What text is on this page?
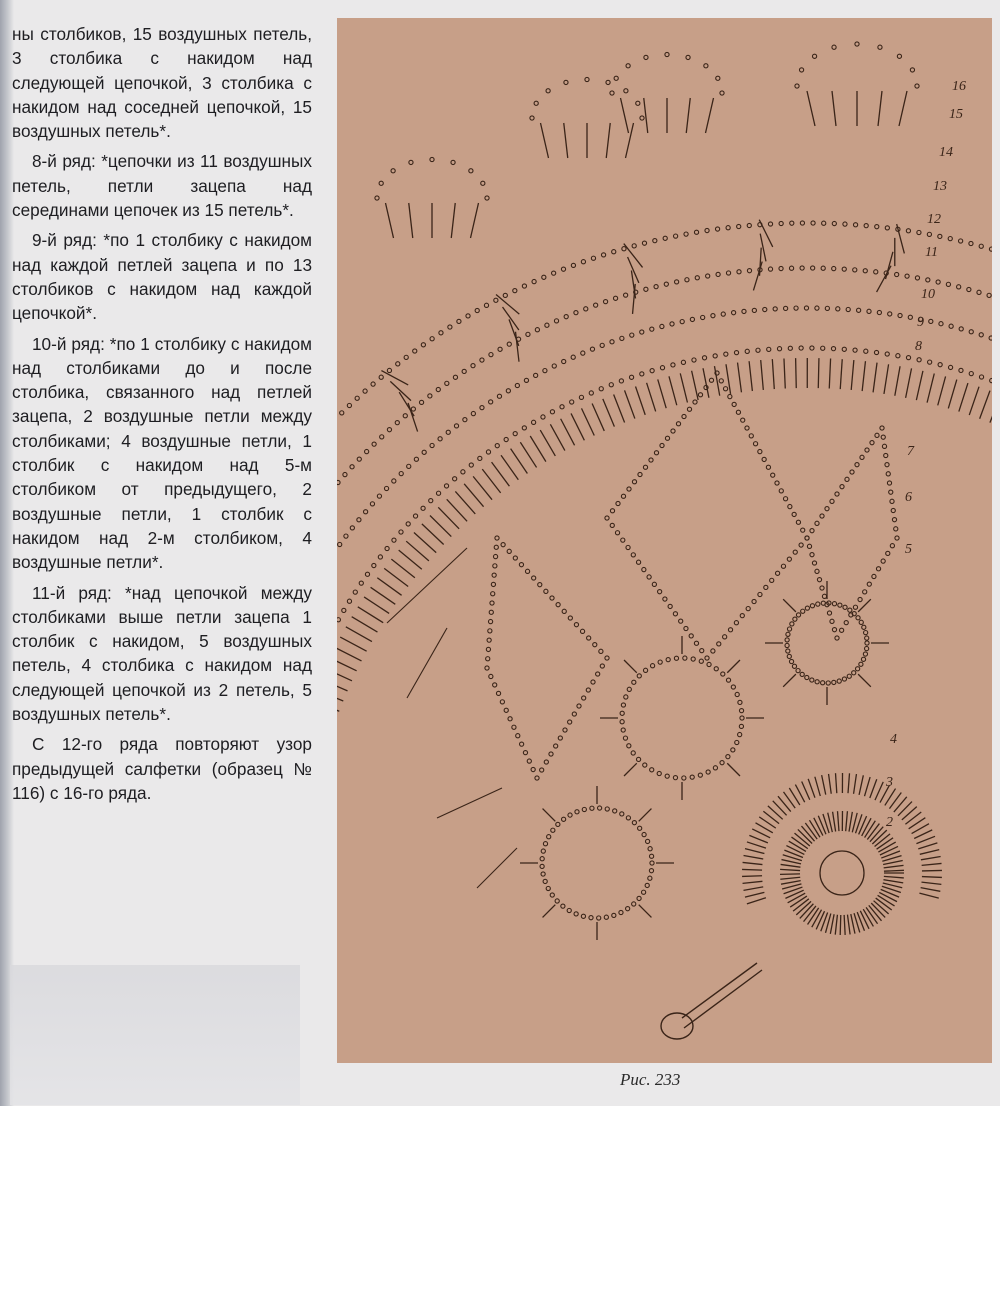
ны столбиков, 15 воздушных петель, 3 столбика с накидом над следующей цепочкой, 3 столбика с накидом над соседней цепочкой, 15 воздушных петель*.

8-й ряд: *цепочки из 11 воздушных петель, петли зацепа над серединами цепочек из 15 петель*.

9-й ряд: *по 1 столбику с накидом над каждой петлей зацепа и по 13 столбиков с накидом над каждой цепочкой*.

10-й ряд: *по 1 столбику с накидом над столбиками до и после столбика, связанного над петлей зацепа, 2 воздушные петли между столбиками; 4 воздушные петли, 1 столбик с накидом над 5-м столбиком от предыдущего, 2 воздушные петли, 1 столбик с накидом над 2-м столбиком, 4 воздушные петли*.

11-й ряд: *над цепочкой между столбиками выше петли зацепа 1 столбик с накидом, 5 воздушных петель, 4 столбика с накидом над следующей цепочкой из 2 петель, 5 воздушных петель*.

С 12-го ряда повторяют узор предыдущей салфетки (образец № 116) с 16-го ряда.

16
15
14
13
12
11
10
9
8
7
6
5
4
3
2
Рис. 233
